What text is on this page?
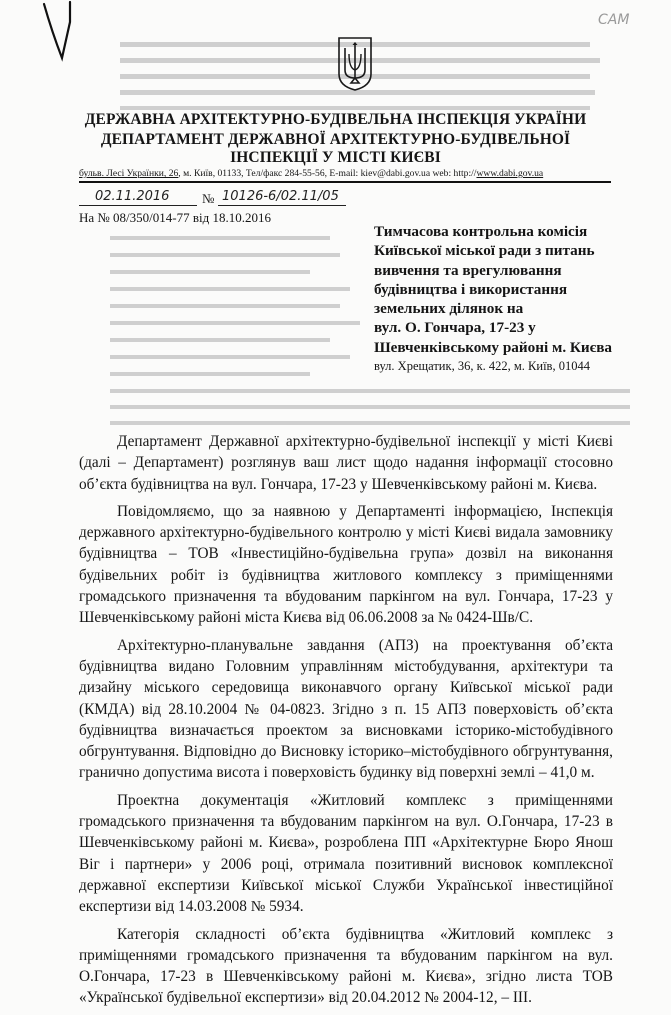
САМ
ДЕРЖАВНА АРХІТЕКТУРНО-БУДІВЕЛЬНА ІНСПЕКЦІЯ УКРАЇНИ
ДЕПАРТАМЕНТ ДЕРЖАВНОЇ АРХІТЕКТУРНО-БУДІВЕЛЬНОЇ
ІНСПЕКЦІЇ У МІСТІ КИЄВІ
бульв. Лесі Українки, 26, м. Київ, 01133, Тел/факс 284-55-56, E-mail: kiev@dabi.gov.ua web: http://www.dabi.gov.ua
02.11.2016	№ 10126-6/02.11/05
На № 08/350/014-77 від 18.10.2016
Тимчасова контрольна комісія
Київської міської ради з питань
вивчення та врегулювання
будівництва і використання
земельних ділянок на
вул. О. Гончара, 17-23 у
Шевченківському районі м. Києва
вул. Хрещатик, 36, к. 422, м. Київ, 01044

Департамент Державної архітектурно-будівельної інспекції у місті Києві (далі – Департамент) розглянув ваш лист щодо надання інформації стосовно об’єкта будівництва на вул. Гончара, 17-23 у Шевченківському районі м. Києва.

Повідомляємо, що за наявною у Департаменті інформацією, Інспекція державного архітектурно-будівельного контролю у місті Києві видала замовнику будівництва – ТОВ «Інвестиційно-будівельна група» дозвіл на виконання будівельних робіт із будівництва житлового комплексу з приміщеннями громадського призначення та вбудованим паркінгом на вул. Гончара, 17-23 у Шевченківському районі міста Києва від 06.06.2008 за № 0424-Шв/С.

Архітектурно-планувальне завдання (АПЗ) на проектування об’єкта будівництва видано Головним управлінням містобудування, архітектури та дизайну міського середовища виконавчого органу Київської міської ради (КМДА) від 28.10.2004 № 04-0823. Згідно з п. 15 АПЗ поверховість об’єкта будівництва визначається проектом за висновками історико-містобудівного обгрунтування. Відповідно до Висновку історико–містобудівного обгрунтування, гранично допустима висота і поверховість будинку від поверхні землі – 41,0 м.

Проектна документація «Житловий комплекс з приміщеннями громадського призначення та вбудованим паркінгом на вул. О.Гончара, 17-23 в Шевченківському районі м. Києва», розроблена ПП «Архітектурне Бюро Янош Віг і партнери» у 2006 році, отримала позитивний висновок комплексної державної експертизи Київської міської Служби Української інвестиційної експертизи від 14.03.2008 № 5934.

Категорія складності об’єкта будівництва «Житловий комплекс з приміщеннями громадського призначення та вбудованим паркінгом на вул. О.Гончара, 17-23 в Шевченківському районі м. Києва», згідно листа ТОВ «Української будівельної експертизи» від 20.04.2012 № 2004-12, – ІІІ.
